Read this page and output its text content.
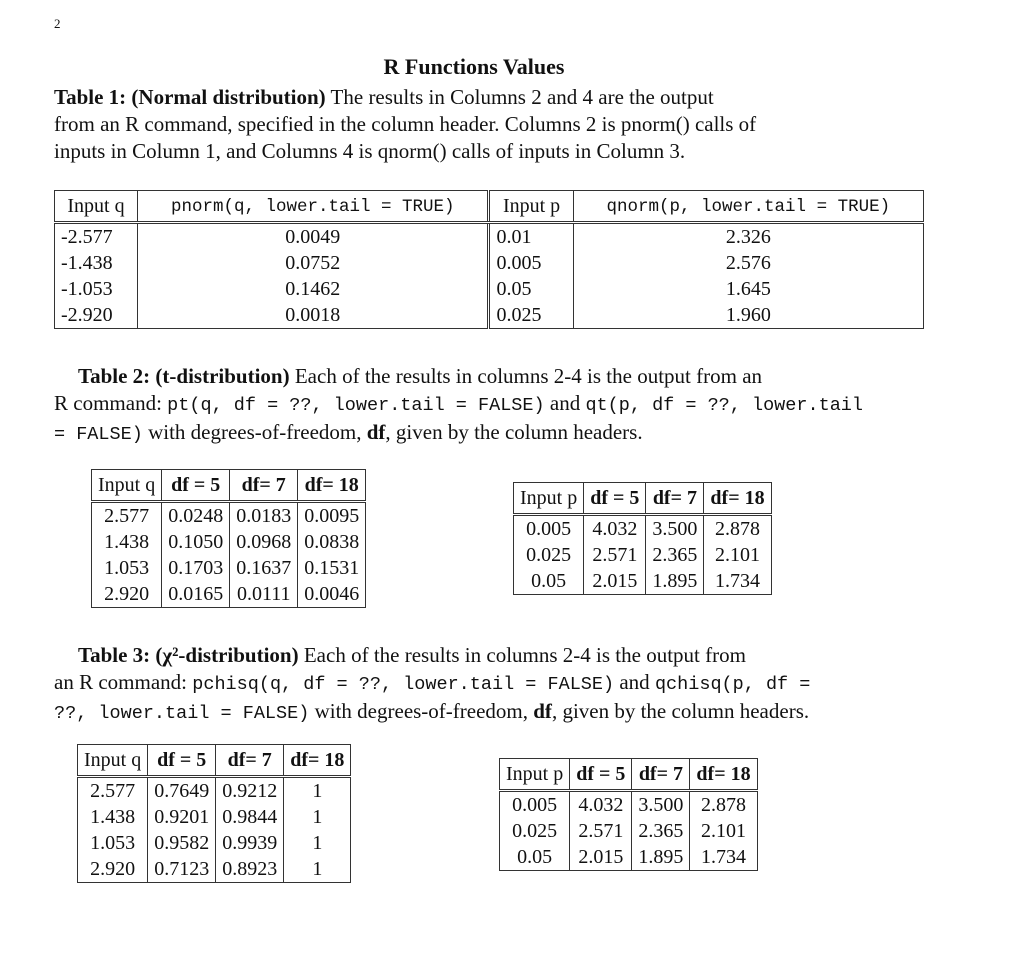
2
R Functions Values
Table 1: (Normal distribution) The results in Columns 2 and 4 are the output
from an R command, specified in the column header. Columns 2 is pnorm() calls of
inputs in Column 1, and Columns 4 is qnorm() calls of inputs in Column 3.
Input q	pnorm(q, lower.tail = TRUE)	Input p	qnorm(p, lower.tail = TRUE)
-2.577	0.0049	0.01	2.326
-1.438	0.0752	0.005	2.576
-1.053	0.1462	0.05	1.645
-2.920	0.0018	0.025	1.960
Table 2: (t-distribution) Each of the results in columns 2-4 is the output from an
R command: pt(q, df = ??, lower.tail = FALSE) and qt(p, df = ??, lower.tail
= FALSE) with degrees-of-freedom, df, given by the column headers.
Input q	df = 5	df= 7	df= 18
2.577	0.0248	0.0183	0.0095
1.438	0.1050	0.0968	0.0838
1.053	0.1703	0.1637	0.1531
2.920	0.0165	0.0111	0.0046
Input p	df = 5	df= 7	df= 18
0.005	4.032	3.500	2.878
0.025	2.571	2.365	2.101
0.05	2.015	1.895	1.734
Table 3: (χ²-distribution) Each of the results in columns 2-4 is the output from
an R command: pchisq(q, df = ??, lower.tail = FALSE) and qchisq(p, df =
??, lower.tail = FALSE) with degrees-of-freedom, df, given by the column headers.
Input q	df = 5	df= 7	df= 18
2.577	0.7649	0.9212	1
1.438	0.9201	0.9844	1
1.053	0.9582	0.9939	1
2.920	0.7123	0.8923	1
Input p	df = 5	df= 7	df= 18
0.005	4.032	3.500	2.878
0.025	2.571	2.365	2.101
0.05	2.015	1.895	1.734
